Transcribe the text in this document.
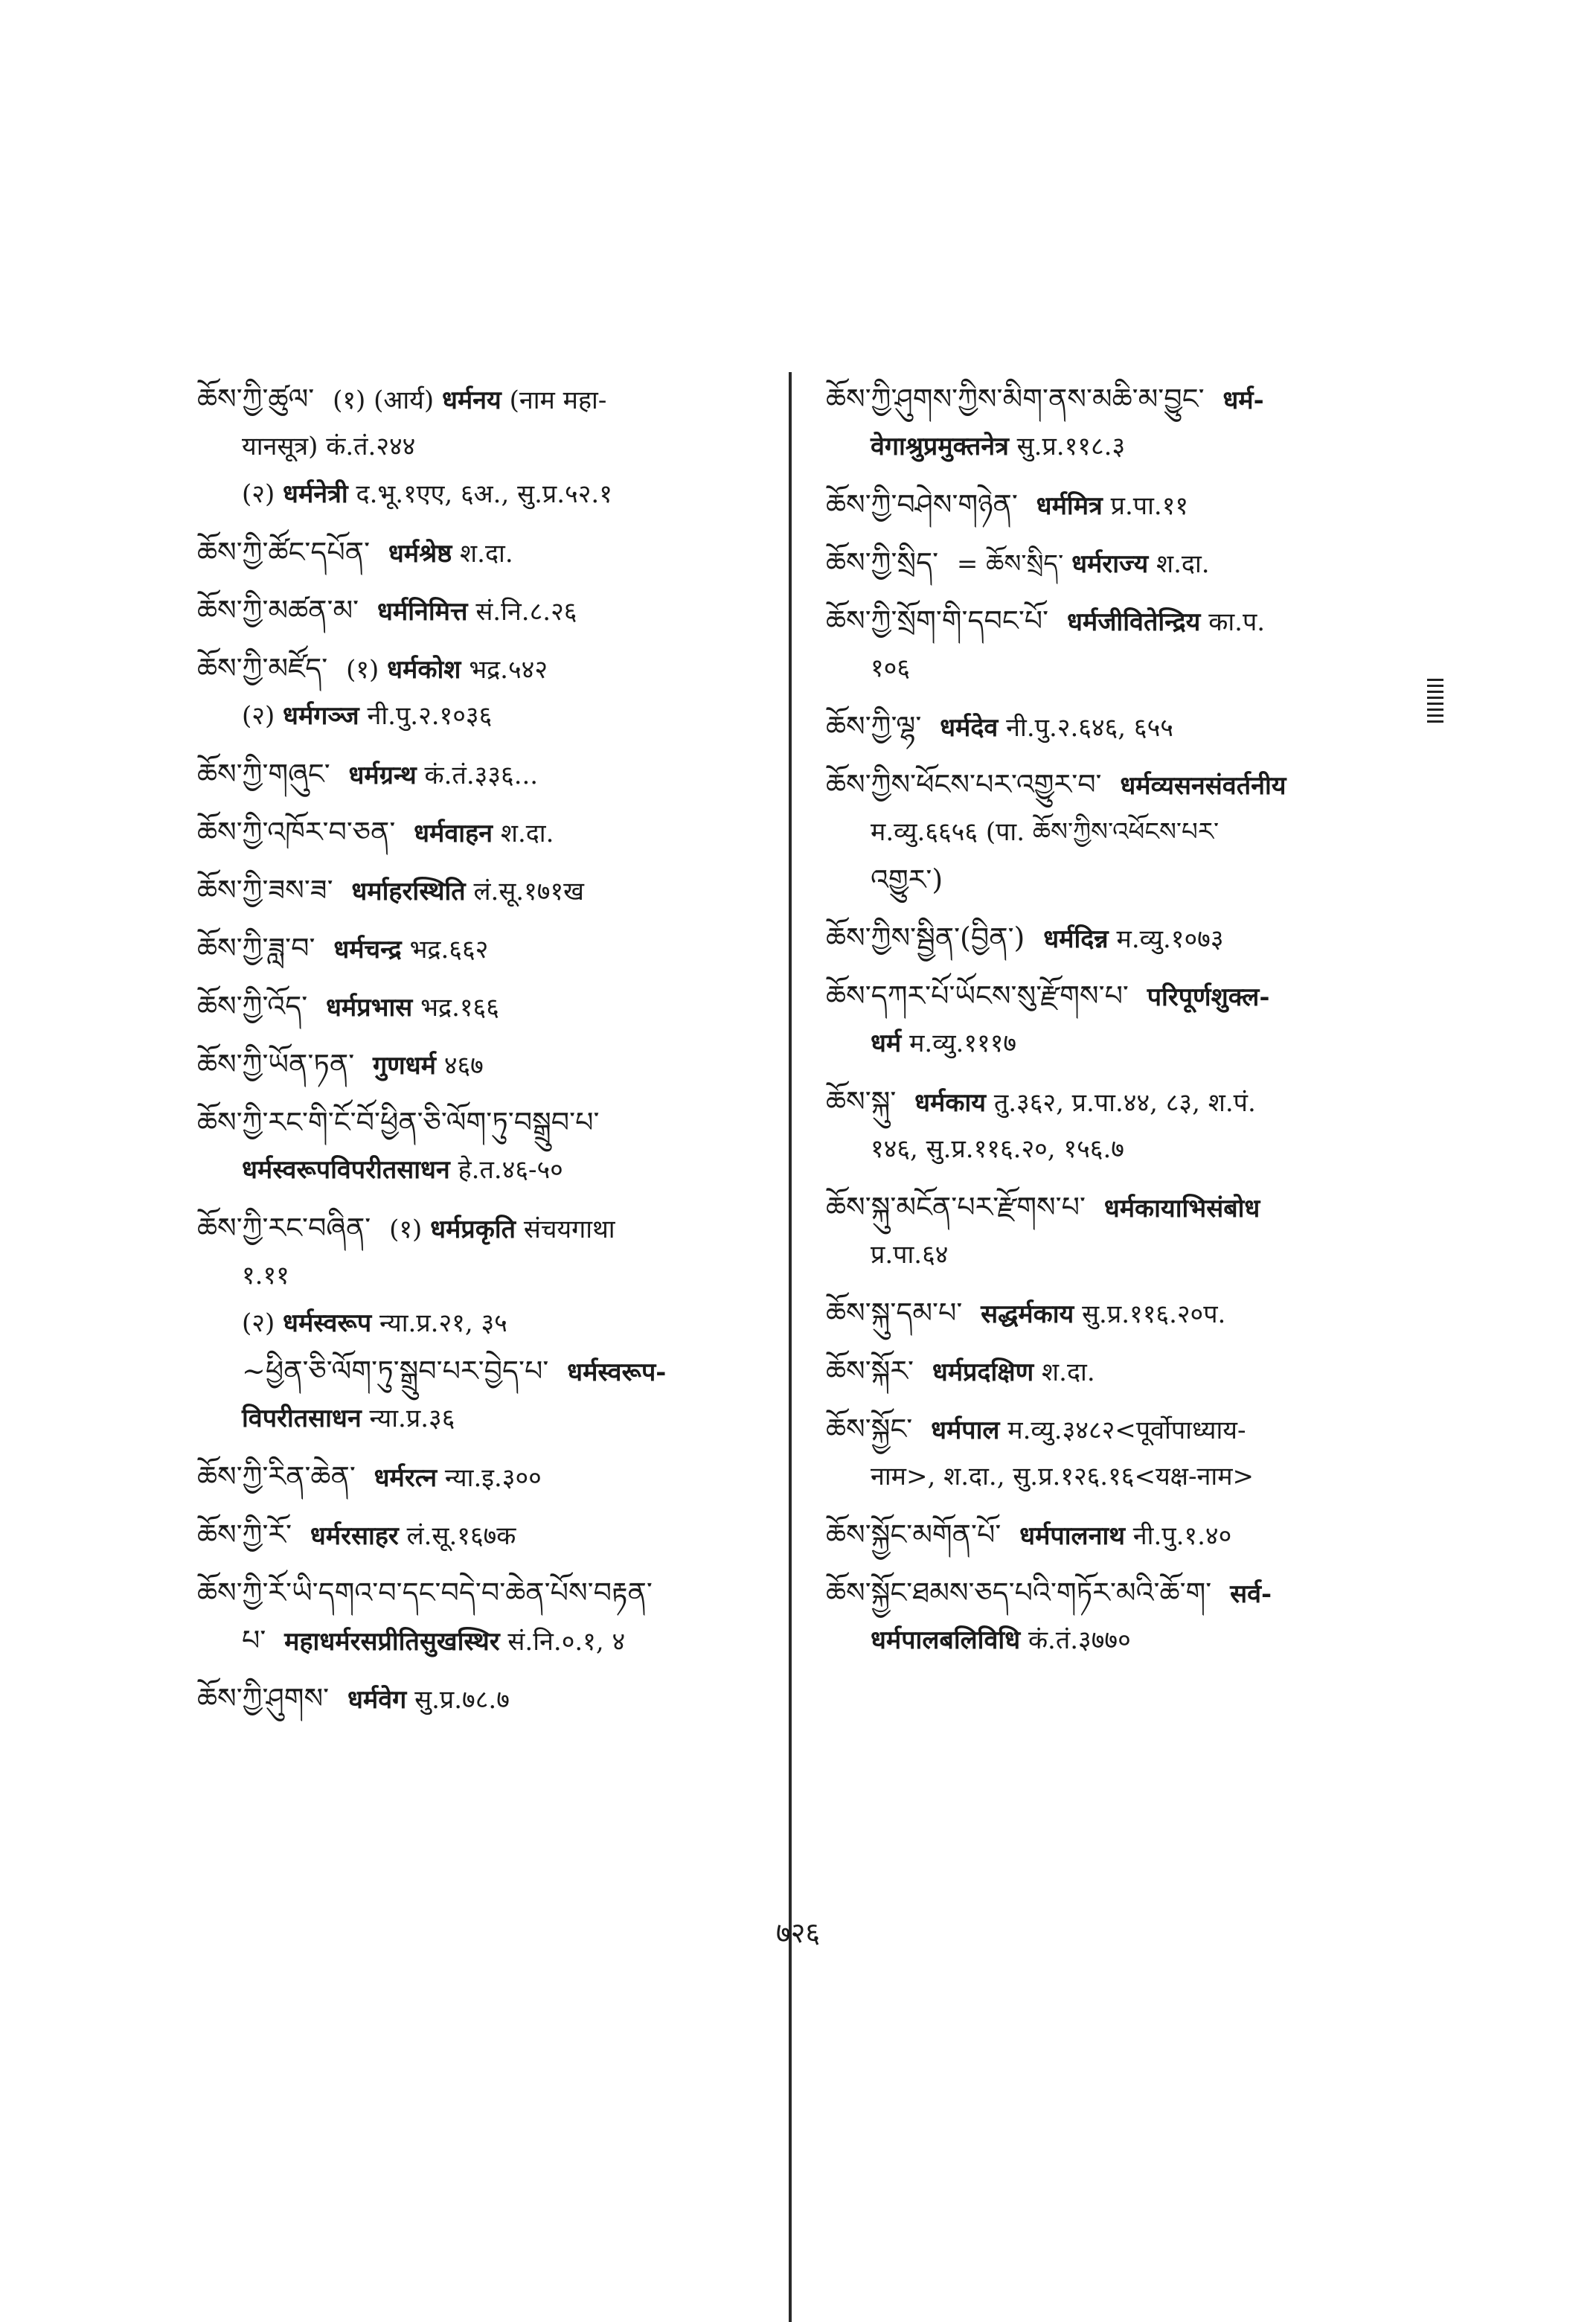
ཆོས་ཀྱི་ཚུལ་ (१) (आर्य) धर्मनय (नाम महा-
यानसूत्र) कं.तं.२४४
(२) धर्मनेत्री द.भू.१एए, ६अ., सु.प्र.५२.१
ཆོས་ཀྱི་ཚོང་དཔོན་ धर्मश्रेष्ठ श.दा.
ཆོས་ཀྱི་མཚན་མ་ धर्मनिमित्त सं.नि.८.२६
ཆོས་ཀྱི་མཛོད་ (१) धर्मकोश भद्र.५४२
(२) धर्मगञ्ज नी.पु.२.१०३६
ཆོས་ཀྱི་གཞུང་ धर्मग्रन्थ कं.तं.३३६...
ཆོས་ཀྱི་འཁོར་བ་ཅན་ धर्मवाहन श.दा.
ཆོས་ཀྱི་ཟས་ཟ་ धर्माहरस्थिति लं.सू.१७१ख
ཆོས་ཀྱི་ཟླ་བ་ धर्मचन्द्र भद्र.६६२
ཆོས་ཀྱི་འོད་ धर्मप्रभास भद्र.१६६
ཆོས་ཀྱི་ཡོན་ཏན་ गुणधर्म ४६७
ཆོས་ཀྱི་རང་གི་ངོ་བོ་ཕྱིན་ཅི་ལོག་ཏུ་བསྒྲུབ་པ་
धर्मस्वरूपविपरीतसाधन हे.त.४६-५०
ཆོས་ཀྱི་རང་བཞིན་ (१) धर्मप्रकृति संचयगाथा
१.११
(२) धर्मस्वरूप न्या.प्र.२१, ३५
~ཕྱིན་ཅི་ལོག་ཏུ་སྒྲུབ་པར་བྱེད་པ་ धर्मस्वरूप-
विपरीतसाधन न्या.प्र.३६
ཆོས་ཀྱི་རིན་ཆེན་ धर्मरत्न न्या.इ.३००
ཆོས་ཀྱི་རོ་ धर्मरसाहर लं.सू.१६७क
ཆོས་ཀྱི་རོ་ཡི་དགའ་བ་དང་བདེ་བ་ཆེན་པོས་བརྟན་
པ་ महाधर्मरसप्रीतिसुखस्थिर सं.नि.०.१, ४
ཆོས་ཀྱི་ཤུགས་ धर्मवेग सु.प्र.७८.७
ཆོས་ཀྱི་ཤུགས་ཀྱིས་མིག་ནས་མཆི་མ་བྱུང་ धर्म-
वेगाश्रुप्रमुक्तनेत्र सु.प्र.११८.३
ཆོས་ཀྱི་བཤེས་གཉེན་ धर्ममित्र प्र.पा.११
ཆོས་ཀྱི་སྲིད་ = ཆོས་སྲིད་ धर्मराज्य श.दा.
ཆོས་ཀྱི་སྲོག་གི་དབང་པོ་ धर्मजीवितेन्द्रिय का.प.
१०६
ཆོས་ཀྱི་ལྷ་ धर्मदेव नी.पु.२.६४६, ६५५
ཆོས་ཀྱིས་ཕོངས་པར་འགྱུར་བ་ धर्मव्यसनसंवर्तनीय
म.व्यु.६६५६ (पा. ཆོས་ཀྱིས་འཕོངས་པར་
འགྱུར་)
ཆོས་ཀྱིས་སྦྱིན་(བྱིན་) धर्मदिन्न म.व्यु.१०७३
ཆོས་དཀར་པོ་ཡོངས་སུ་རྫོགས་པ་ परिपूर्णशुक्ल-
धर्म म.व्यु.१११७
ཆོས་སྐུ་ धर्मकाय तु.३६२, प्र.पा.४४, ८३, श.पं.
१४६, सु.प्र.११६.२०, १५६.७
ཆོས་སྐུ་མངོན་པར་རྫོགས་པ་ धर्मकायाभिसंबोध
प्र.पा.६४
ཆོས་སྐུ་དམ་པ་ सद्धर्मकाय सु.प्र.११६.२०प.
ཆོས་སྐོར་ धर्मप्रदक्षिण श.दा.
ཆོས་སྐྱོང་ धर्मपाल म.व्यु.३४८२<पूर्वोपाध्याय-
नाम>, श.दा., सु.प्र.१२६.१६<यक्ष-नाम>
ཆོས་སྐྱོང་མགོན་པོ་ धर्मपालनाथ नी.पु.१.४०
ཆོས་སྐྱོང་ཐམས་ཅད་པའི་གཏོར་མའི་ཆོ་ག་ सर्व-
धर्मपालबलिविधि कं.तं.३७७०
७२६
